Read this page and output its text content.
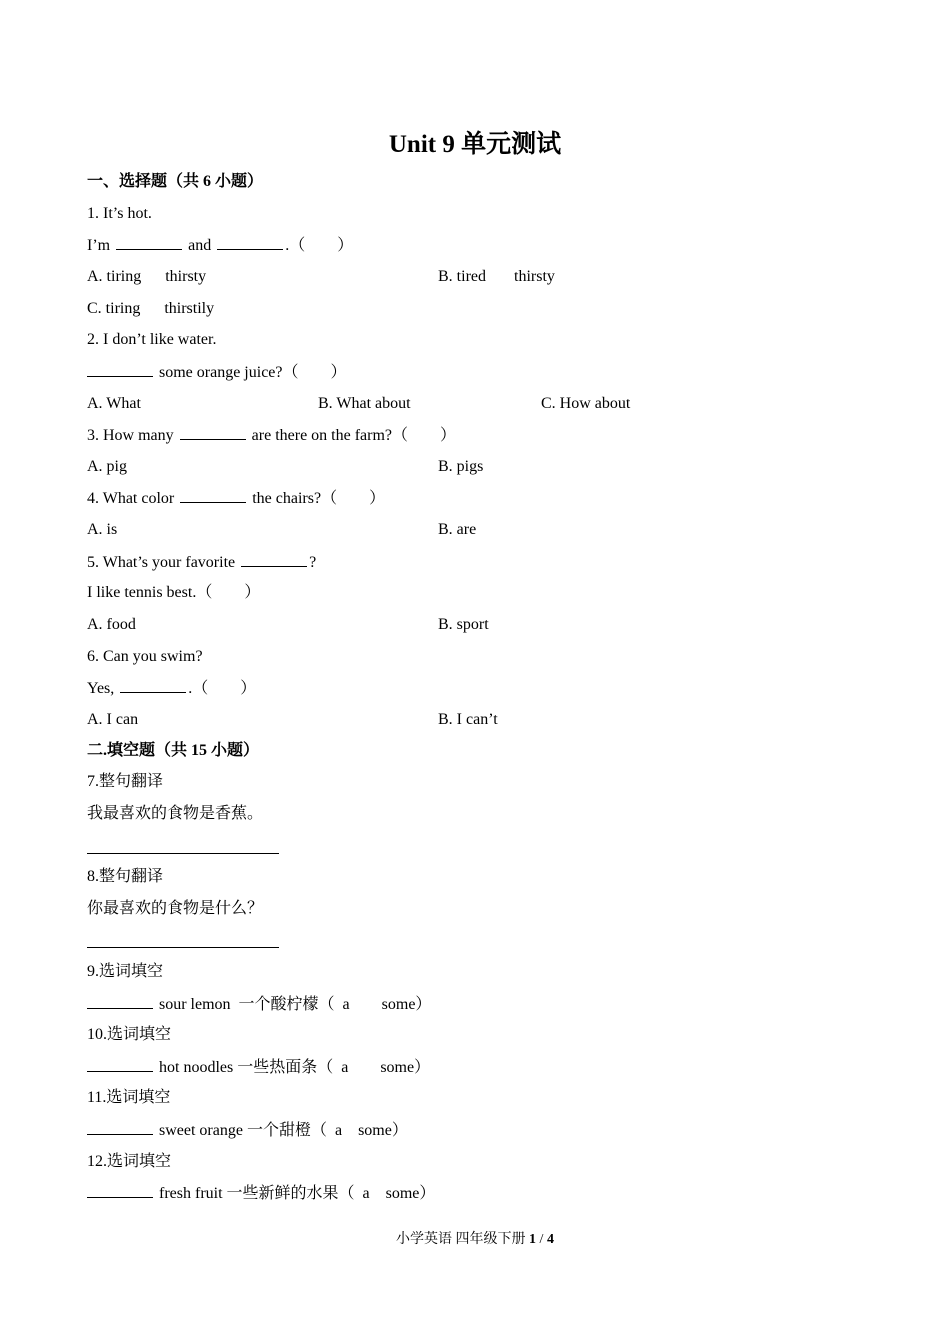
Unit 9 单元测试
一、选择题（共 6 小题）
1. It’s hot.
I’m	and	.（　　）
A. tiring      thirsty	B. tired       thirsty
C. tiring      thirstily
2. I don’t like water.
some orange juice?（　　）
A. What	B. What about	C. How about
3. How many	are there on the farm?（　　）
A. pig	B. pigs
4. What color	the chairs?（　　）
A. is	B. are
5. What’s your favorite	?
I like tennis best.（　　）
A. food	B. sport
6. Can you swim?
Yes,	.（　　）
A. I can	B. I can’t
二.填空题（共 15 小题）
7.整句翻译
我最喜欢的食物是香蕉。
8.整句翻译
你最喜欢的食物是什么？
9.选词填空
sour lemon  一个酸柠檬（  a        some）
10.选词填空
hot noodles 一些热面条（  a        some）
11.选词填空
sweet orange 一个甜橙（  a    some）
12.选词填空
fresh fruit 一些新鲜的水果（  a    some）
小学英语 四年级下册 1 / 4
